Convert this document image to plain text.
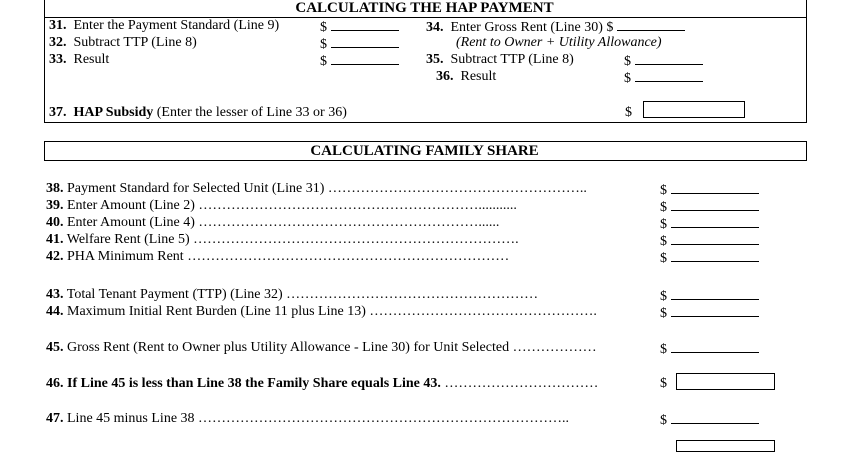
CALCULATING THE HAP PAYMENT
31. Enter the Payment Standard (Line 9)	$
32. Subtract TTP (Line 8)	$
33. Result	$
34. Enter Gross Rent (Line 30) $
(Rent to Owner + Utility Allowance)
35. Subtract TTP (Line 8)	$
36. Result	$
37. HAP Subsidy (Enter the lesser of Line 33 or 36)	$
CALCULATING FAMILY SHARE
38. Payment Standard for Selected Unit (Line 31) ………………………………………………..	$
39. Enter Amount (Line 2) ……………………………………………………...........	$
40. Enter Amount (Line 4) ……………………………………………………......	$
41. Welfare Rent (Line 5) …………………………………………………………….	$
42. PHA Minimum Rent ……………………………………………………………	$
43. Total Tenant Payment (TTP) (Line 32) ………………………………………………	$
44. Maximum Initial Rent Burden (Line 11 plus Line 13) ………………………………………….	$
45. Gross Rent (Rent to Owner plus Utility Allowance - Line 30) for Unit Selected ………………	$
46. If Line 45 is less than Line 38 the Family Share equals Line 43. ……………………………	$
47. Line 45 minus Line 38 ……………………………………………………………………..	$
